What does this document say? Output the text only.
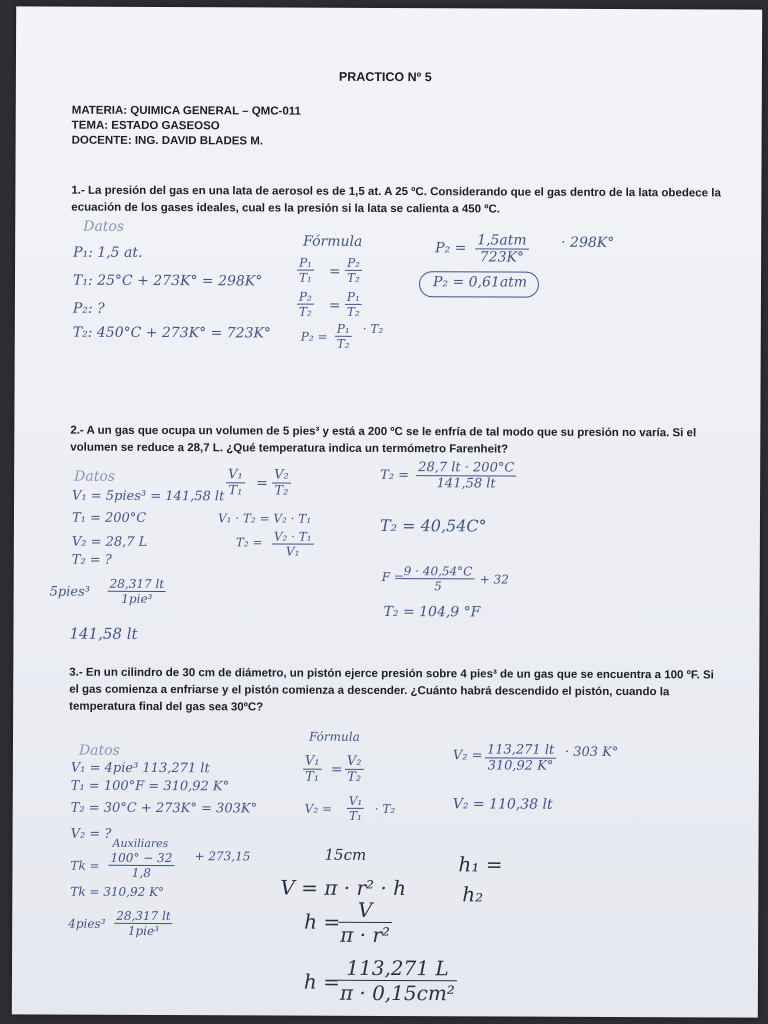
PRACTICO Nº 5
MATERIA: QUIMICA GENERAL – QMC-011
TEMA: ESTADO GASEOSO
DOCENTE: ING. DAVID BLADES M.
1.- La presión del gas en una lata de aerosol es de 1,5 at. A 25 ºC. Considerando que el gas dentro de la lata obedece la ecuación de los gases ideales, cual es la presión si la lata se calienta a 450 ºC.
Datos
P₁: 1,5 at.
T₁: 25°C + 273K° = 298K°
P₂: ?
T₂: 450°C + 273K° = 723K°
Fórmula
$\frac{\text{P₁}}{\text{T₁}} = \frac{\text{P₂}}{\text{T₂}}$
$\frac{\text{P₂}}{\text{T₂}} = \frac{\text{P₁}}{\text{T₂}}$
$P_2 = \frac{\text{P₁}}{\text{T₂}} \cdot T_2$
P₂ = 1,5atm
723K°
· 298K°
P₂ = 0,61atm
2.- A un gas que ocupa un volumen de 5 pies³ y está a 200 ºC se le enfría de tal modo que su presión no varía. Si el volumen se reduce a 28,7 L. ¿Qué temperatura indica un termómetro Farenheit?
Datos
V₁ = 5pies³ = 141,58 lt
T₁ = 200°C
V₂ = 28,7 L
T₂ = ?
5pies³
28,317 lt
1pie³
141,58 lt
$\frac{\text{V₁}}{\text{T₁}} = \frac{\text{V₂}}{\text{T₂}}$
V₁ · T₂ = V₂ · T₁
$T_2 = \frac{\text{V₂ · T₁}}{\text{V₁}}$
$T_2 = \frac{28,7 lt \cdot 200^\circ C}{141,58 lt}$
T₂ = 40,54C°
F =
$\frac{9 \cdot 40,54^\circ C}{5} + 32$
T₂ = 104,9 °F
3.- En un cilindro de 30 cm de diámetro, un pistón ejerce presión sobre 4 pies³ de un gas que se encuentra a 100 ºF. Si el gas comienza a enfriarse y el pistón comienza a descender. ¿Cuánto habrá descendido el pistón, cuando la temperatura final del gas sea 30ºC?
Datos
V₁ = 4pie³ 113,271 lt
T₁ = 100°F = 310,92 K°
T₂ = 30°C + 273K° = 303K°
V₂ = ?
Auxiliares
$Tk = \frac{100^\circ - 32}{1,8} + 273,15$
Tk = 310,92 K°
4pies³
28,317 lt
1pie³
Fórmula
$\frac{\text{V₁}}{\text{T₁}} = \frac{\text{V₂}}{\text{T₂}}$
$V_2 = \frac{\text{V₁}}{\text{T₁}} \cdot T_2$
$V_2 = \frac{113,271 lt}{310,92 K^\circ} \cdot 303$ K°
V₂ = 110,38 lt
15cm
V = π · r² · h
h =
$\frac{V}{\text{π · r²}}$
h =
$\frac{113,271 L}{\text{π · 0,15cm²}}$
h₁ =
h₂
